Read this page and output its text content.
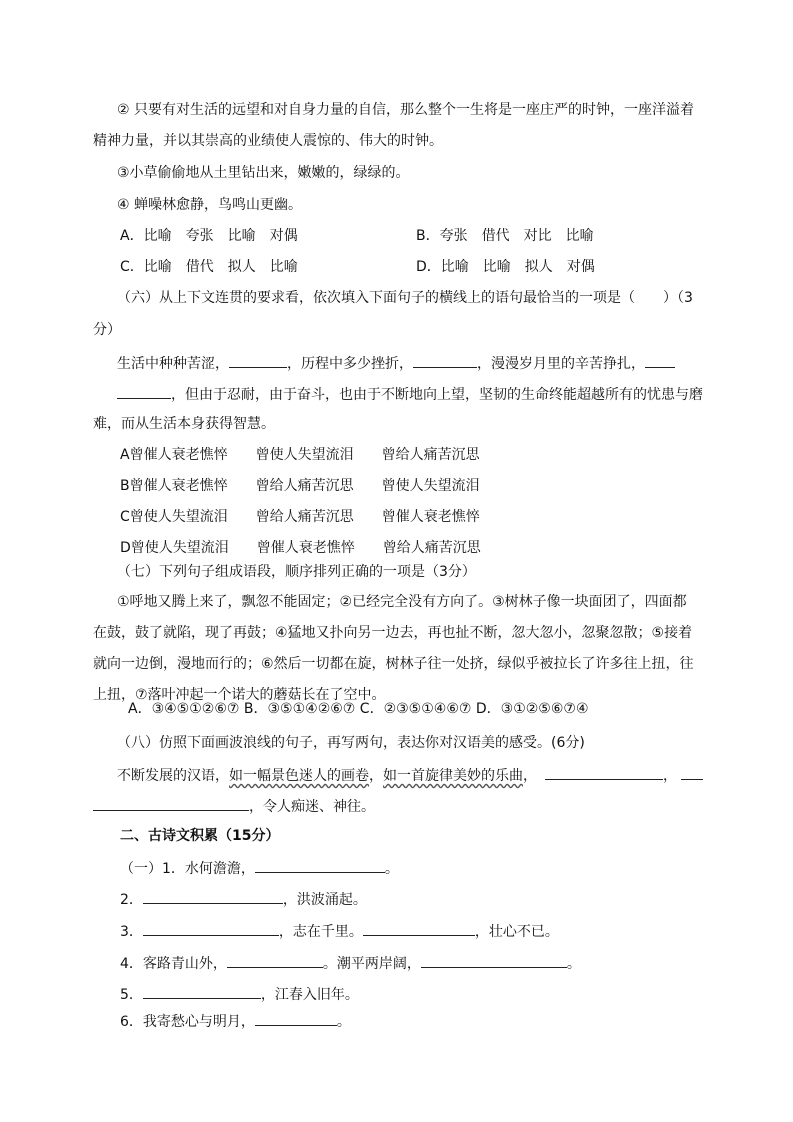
② 只要有对生活的远望和对自身力量的自信，那么整个一生将是一座庄严的时钟，一座洋溢着
精神力量，并以其崇高的业绩使人震惊的、伟大的时钟。
③小草偷偷地从土里钻出来，嫩嫩的，绿绿的。
④ 蝉噪林愈静，鸟鸣山更幽。
A．比喻　夸张　比喻　对偶	B．夸张　借代　对比　比喻
C．比喻　借代　拟人　比喻	D．比喻　比喻　拟人　对偶
（六）从上下文连贯的要求看，依次填入下面句子的横线上的语句最恰当的一项是（　　）（3
分）
生活中种种苦涩，	，历程中多少挫折，	，漫漫岁月里的辛苦挣扎，
，但由于忍耐，由于奋斗，也由于不断地向上望，坚韧的生命终能超越所有的忧患与磨
难，而从生活本身获得智慧。
A曾催人衰老憔悴　　曾使人失望流泪　　曾给人痛苦沉思
B曾催人衰老憔悴　　曾给人痛苦沉思　　曾使人失望流泪
C曾使人失望流泪　　曾给人痛苦沉思　　曾催人衰老憔悴
D曾使人失望流泪　　曾催人衰老憔悴　　曾给人痛苦沉思
（七）下列句子组成语段，顺序排列正确的一项是（3分）
①呼地又腾上来了，飘忽不能固定；②已经完全没有方向了。③树林子像一块面团了，四面都
在鼓，鼓了就陷，现了再鼓；④猛地又扑向另一边去，再也扯不断，忽大忽小，忽聚忽散；⑤接着
就向一边倒，漫地而行的；⑥然后一切都在旋，树林子往一处挤，绿似乎被拉长了许多往上扭，往
上扭，⑦落叶冲起一个诺大的蘑菇长在了空中。
A．③④⑤①②⑥⑦ B．③⑤①④②⑥⑦ C．②③⑤①④⑥⑦ D．③①②⑤⑥⑦④
（八）仿照下面画波浪线的句子，再写两句，表达你对汉语美的感受。(6分)
不断发展的汉语，如一幅景色迷人的画卷，如一首旋律美妙的乐曲，	，
，令人痴迷、神往。
二、古诗文积累（15分）
（一）1．水何澹澹，	。
2．	，洪波涌起。
3．	，志在千里。	，壮心不已。
4．客路青山外，	。潮平两岸阔，	。
5．	，江春入旧年。
6．我寄愁心与明月，	。
